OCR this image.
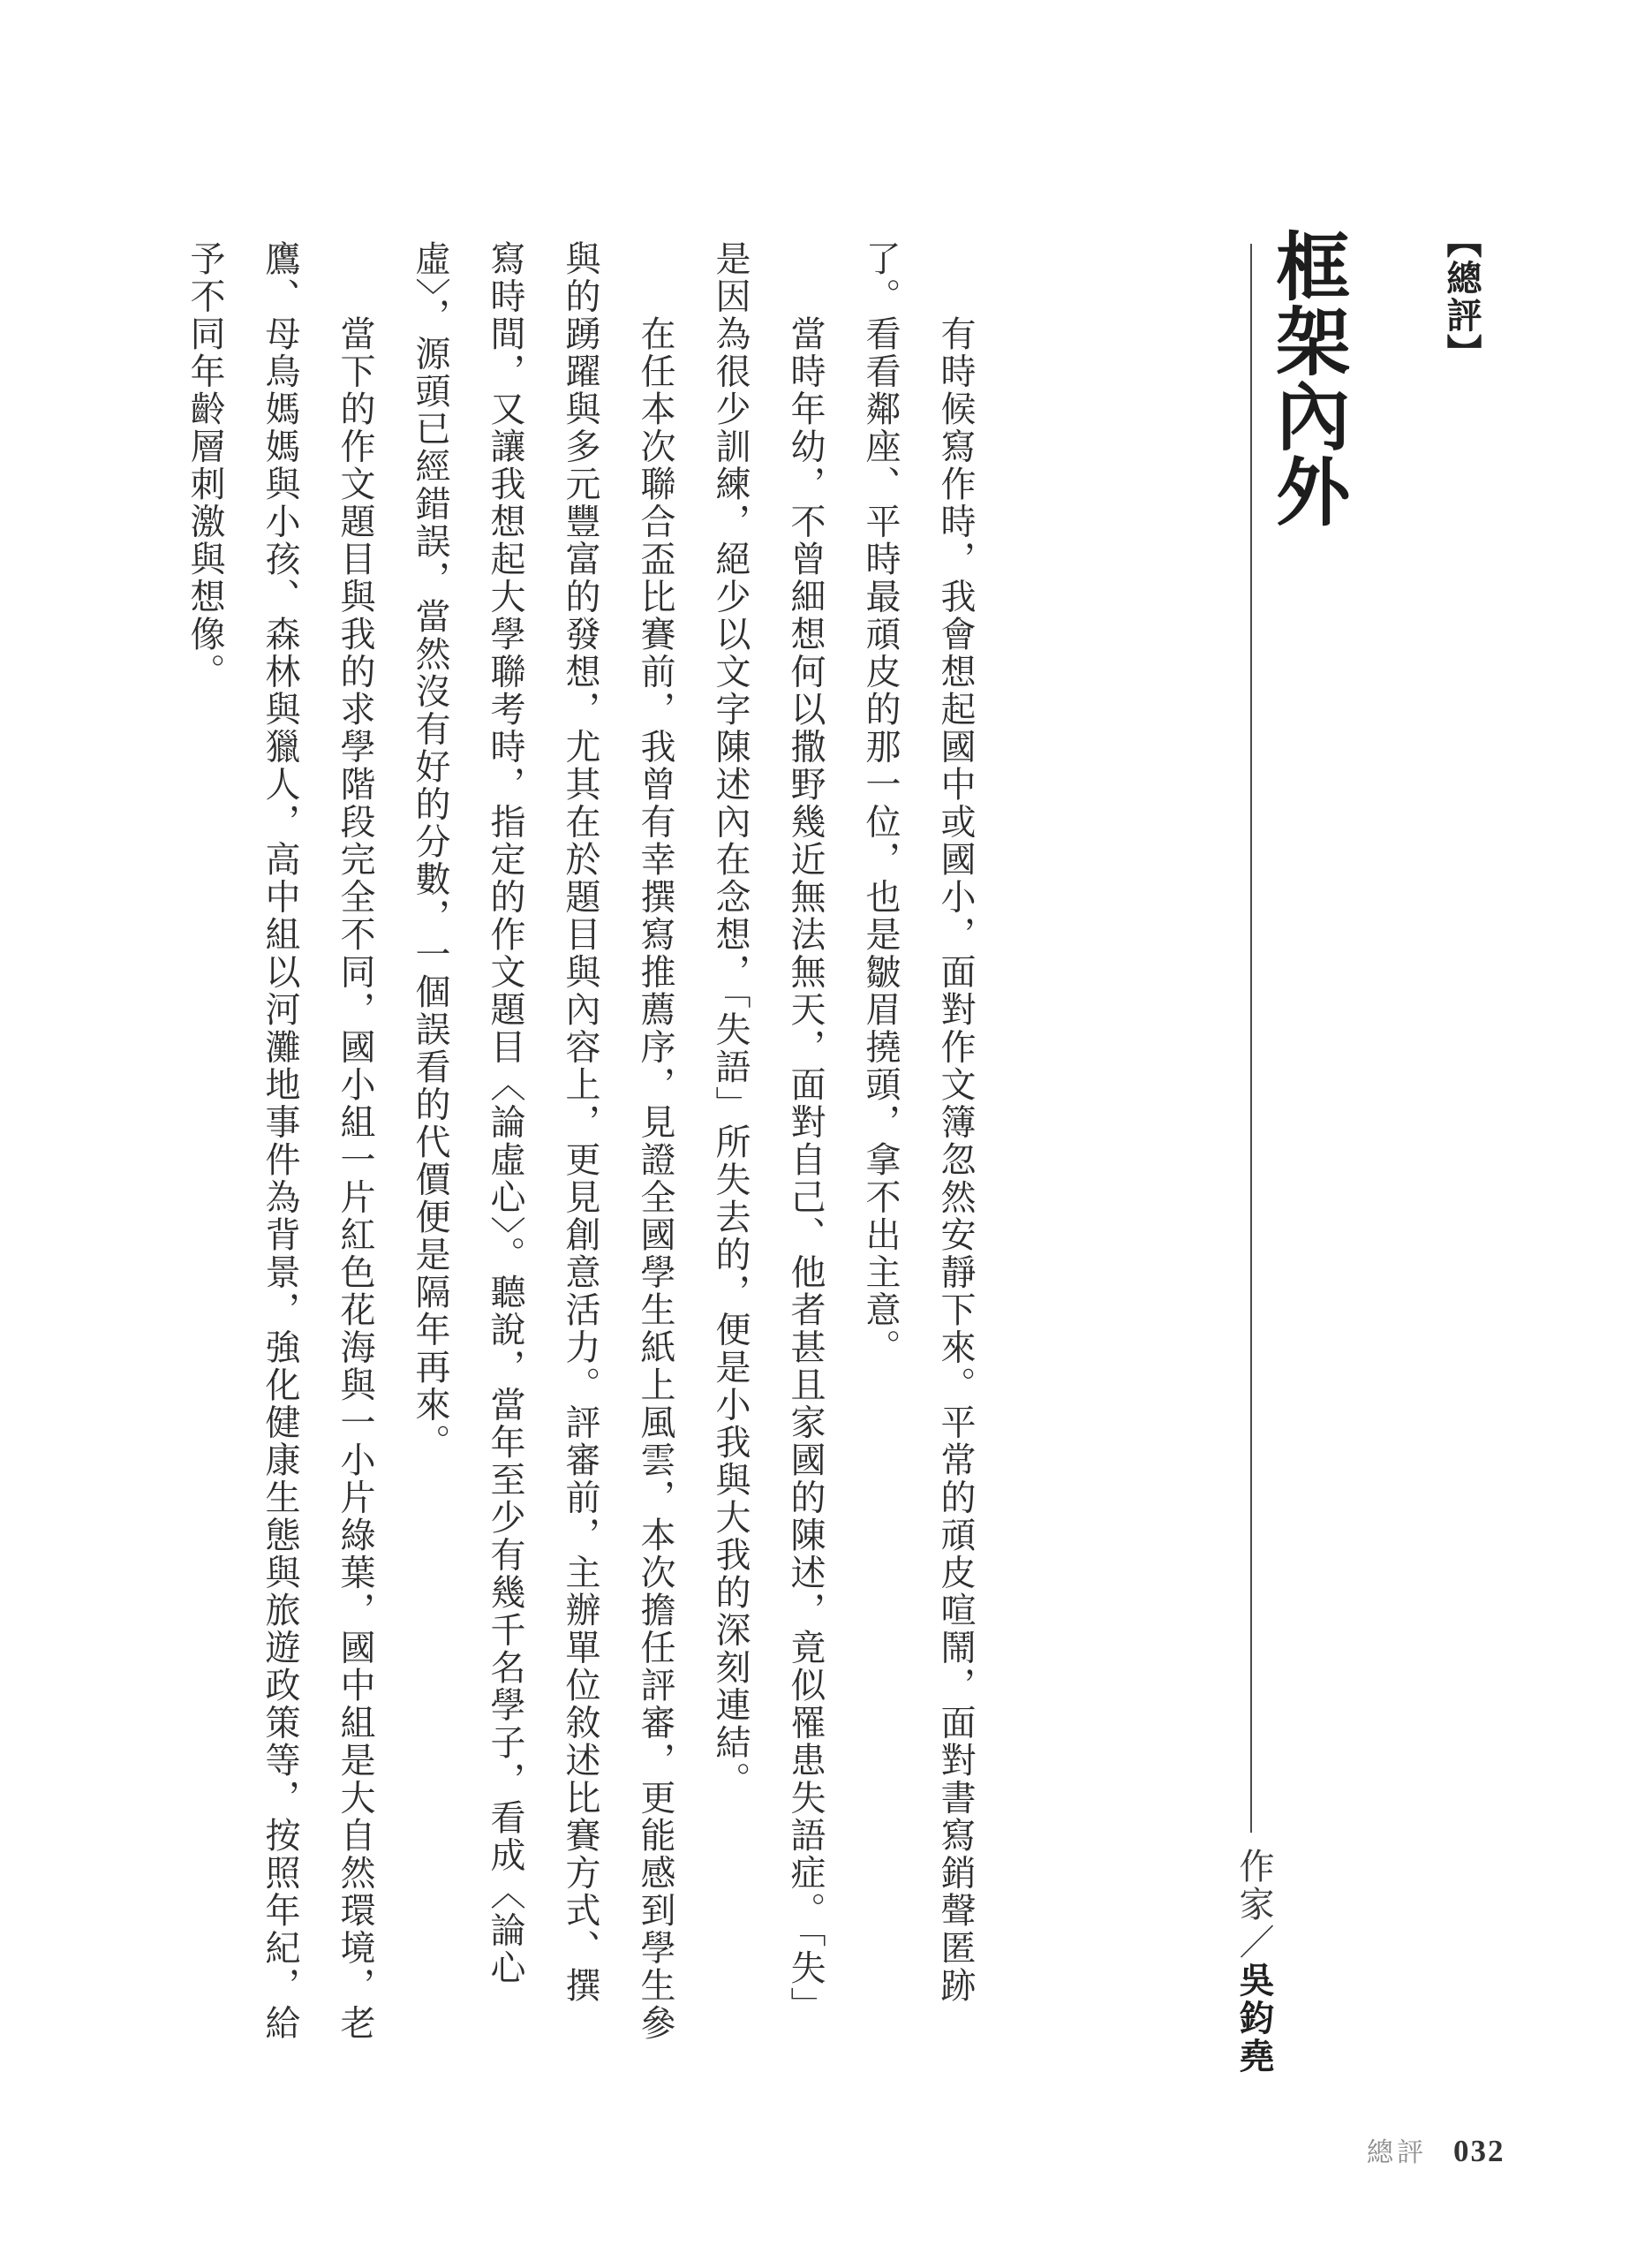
【總評】
框架內外
作家／吳鈞堯

有時候寫作時，我會想起國中或國小，面對作文簿忽然安靜下來。平常的頑皮喧鬧，面對書寫銷聲匿跡

了。看看鄰座、平時最頑皮的那一位，也是皺眉撓頭，拿不出主意。

當時年幼，不曾細想何以撒野幾近無法無天，面對自己、他者甚且家國的陳述，竟似罹患失語症。「失」

是因為很少訓練，絕少以文字陳述內在念想，「失語」所失去的，便是小我與大我的深刻連結。

在任本次聯合盃比賽前，我曾有幸撰寫推薦序，見證全國學生紙上風雲，本次擔任評審，更能感到學生參

與的踴躍與多元豐富的發想，尤其在於題目與內容上，更見創意活力。評審前，主辦單位敘述比賽方式、撰

寫時間，又讓我想起大學聯考時，指定的作文題目〈論虛心〉。聽說，當年至少有幾千名學子，看成〈論心

虛〉，源頭已經錯誤，當然沒有好的分數，一個誤看的代價便是隔年再來。

當下的作文題目與我的求學階段完全不同，國小組一片紅色花海與一小片綠葉，國中組是大自然環境，老

鷹、母鳥媽媽與小孩、森林與獵人，高中組以河灘地事件為背景，強化健康生態與旅遊政策等，按照年紀，給

予不同年齡層刺激與想像。

總評 032
